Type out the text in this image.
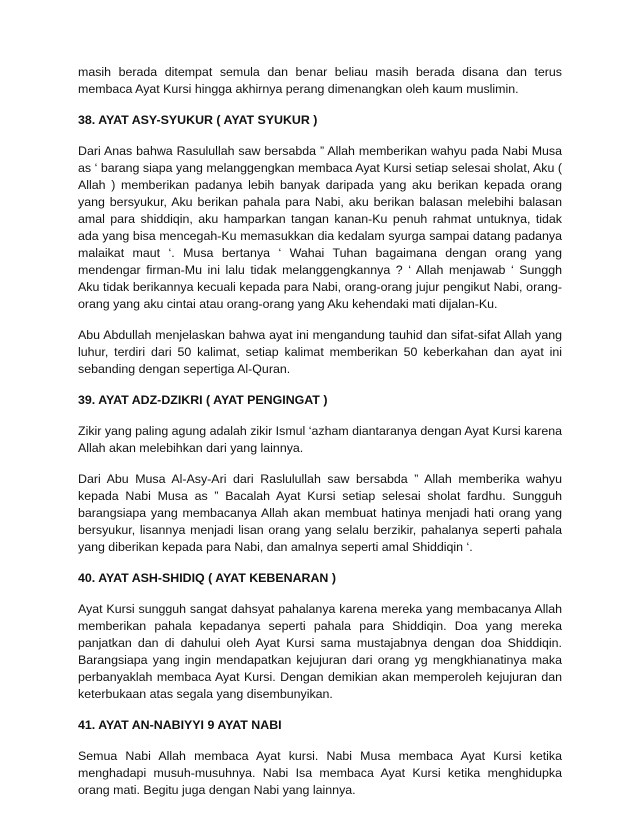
masih berada ditempat semula dan benar beliau masih berada disana dan terus membaca Ayat Kursi hingga akhirnya perang dimenangkan oleh kaum muslimin.

38. AYAT ASY-SYUKUR ( AYAT SYUKUR )

Dari Anas bahwa Rasulullah saw bersabda ” Allah memberikan wahyu pada Nabi Musa as ‘ barang siapa yang melanggengkan membaca Ayat Kursi setiap selesai sholat, Aku ( Allah ) memberikan padanya lebih banyak daripada yang aku berikan kepada orang yang bersyukur, Aku berikan pahala para Nabi, aku berikan balasan melebihi balasan amal para shiddiqin, aku hamparkan tangan kanan-Ku penuh rahmat untuknya, tidak ada yang bisa mencegah-Ku memasukkan dia kedalam syurga sampai datang padanya malaikat maut ‘. Musa bertanya ‘ Wahai Tuhan bagaimana dengan orang yang mendengar firman-Mu ini lalu tidak melanggengkannya ? ‘ Allah menjawab ‘ Sunggh Aku tidak berikannya kecuali kepada para Nabi, orang-orang jujur pengikut Nabi, orang-orang yang aku cintai atau orang-orang yang Aku kehendaki mati dijalan-Ku.

Abu Abdullah menjelaskan bahwa ayat ini mengandung tauhid dan sifat-sifat Allah yang luhur, terdiri dari 50 kalimat, setiap kalimat memberikan 50 keberkahan dan ayat ini sebanding dengan sepertiga Al-Quran.

39. AYAT ADZ-DZIKRI ( AYAT PENGINGAT )

Zikir yang paling agung adalah zikir Ismul ‘azham diantaranya dengan Ayat Kursi karena Allah akan melebihkan dari yang lainnya.

Dari Abu Musa Al-Asy-Ari dari Raslulullah saw bersabda ” Allah memberika wahyu kepada Nabi Musa as ” Bacalah Ayat Kursi setiap selesai sholat fardhu. Sungguh barangsiapa yang membacanya Allah akan membuat hatinya menjadi hati orang yang bersyukur, lisannya menjadi lisan orang yang selalu berzikir, pahalanya seperti pahala yang diberikan kepada para Nabi, dan amalnya seperti amal Shiddiqin ‘.

40. AYAT ASH-SHIDIQ ( AYAT KEBENARAN )

Ayat Kursi sungguh sangat dahsyat pahalanya karena mereka yang membacanya Allah memberikan pahala kepadanya seperti pahala para Shiddiqin. Doa yang mereka panjatkan dan di dahului oleh Ayat Kursi sama mustajabnya dengan doa Shiddiqin. Barangsiapa yang ingin mendapatkan kejujuran dari orang yg mengkhianatinya maka perbanyaklah membaca Ayat Kursi. Dengan demikian akan memperoleh kejujuran dan keterbukaan atas segala yang disembunyikan.

41. AYAT AN-NABIYYI 9 AYAT NABI

Semua Nabi Allah membaca Ayat kursi. Nabi Musa membaca Ayat Kursi ketika menghadapi musuh-musuhnya. Nabi Isa membaca Ayat Kursi ketika menghidupka orang mati. Begitu juga dengan Nabi yang lainnya.
